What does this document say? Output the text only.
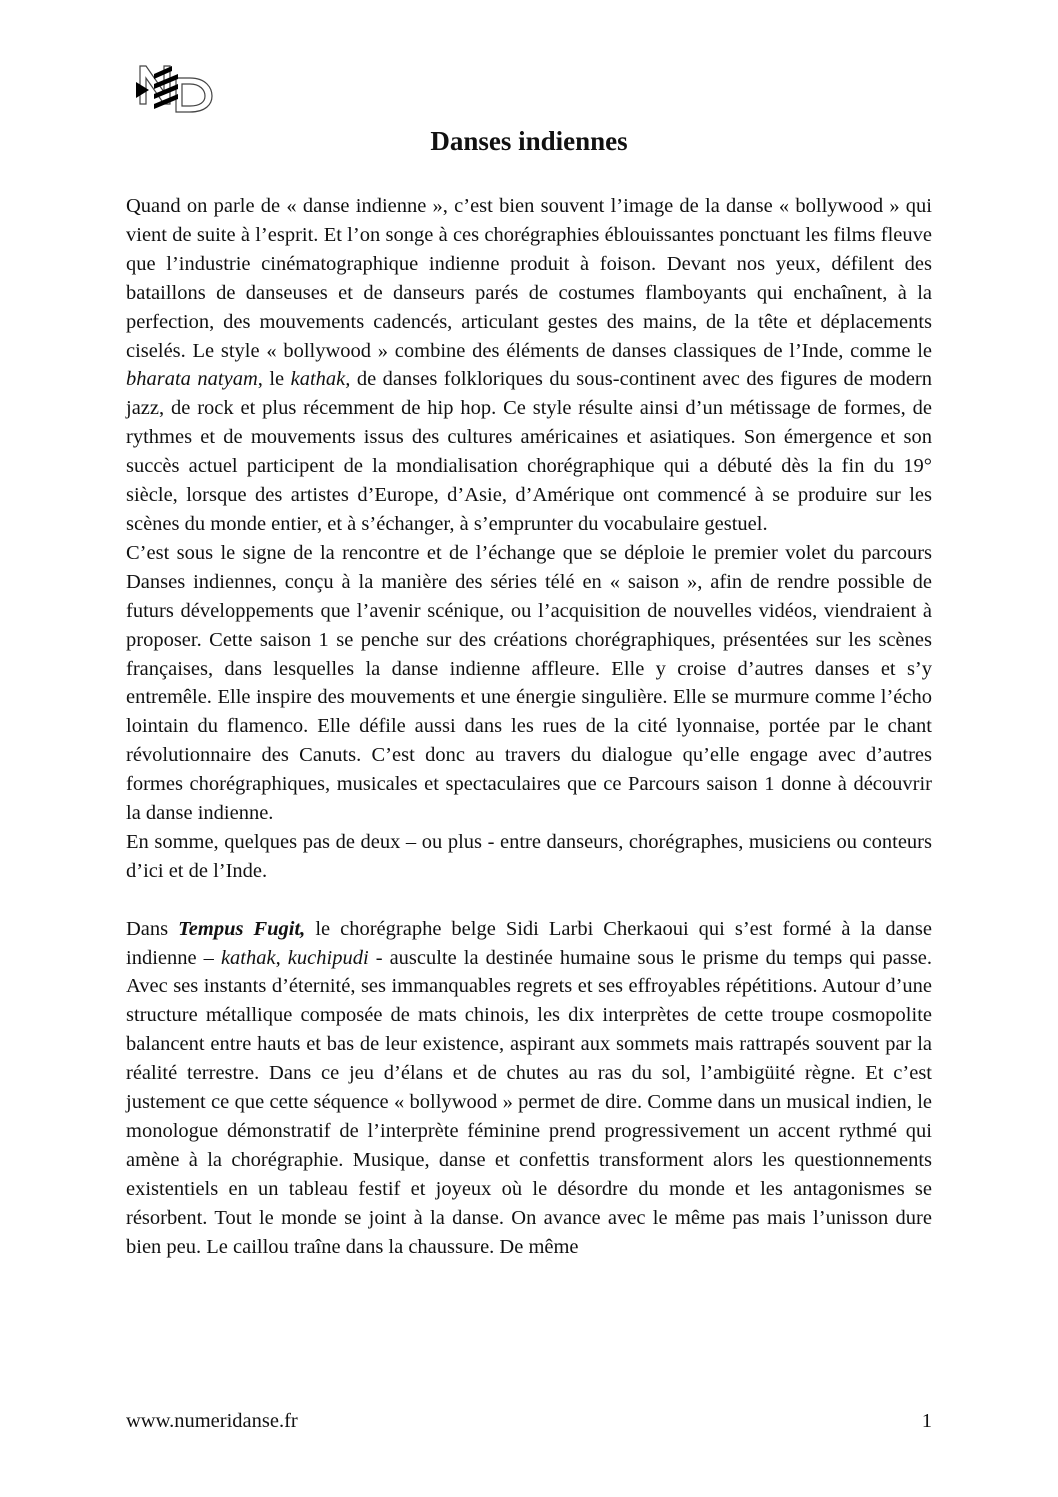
Danses indiennes

Quand on parle de « danse indienne », c’est bien souvent l’image de la danse « bollywood » qui vient de suite à l’esprit. Et l’on songe à ces chorégraphies éblouissantes ponctuant les films fleuve que l’industrie cinématographique indienne produit à foison. Devant nos yeux, défilent des bataillons de danseuses et de danseurs parés de costumes flamboyants qui enchaînent, à la perfection, des mouvements cadencés, articulant gestes des mains, de la tête et déplacements ciselés. Le style « bollywood » combine des éléments de danses classiques de l’Inde, comme le bharata natyam, le kathak, de danses folkloriques du sous-continent avec des figures de modern jazz, de rock et plus récemment de hip hop. Ce style résulte ainsi d’un métissage de formes, de rythmes et de mouvements issus des cultures américaines et asiatiques. Son émergence et son succès actuel participent de la mondialisation chorégraphique qui a débuté dès la fin du 19° siècle, lorsque des artistes d’Europe, d’Asie, d’Amérique ont commencé à se produire sur les scènes du monde entier, et à s’échanger, à s’emprunter du vocabulaire gestuel.

C’est sous le signe de la rencontre et de l’échange que se déploie le premier volet du parcours Danses indiennes, conçu à la manière des séries télé en « saison », afin de rendre possible de futurs développements que l’avenir scénique, ou l’acquisition de nouvelles vidéos, viendraient à proposer. Cette saison 1 se penche sur des créations chorégraphiques, présentées sur les scènes françaises, dans lesquelles la danse indienne affleure. Elle y croise d’autres danses et s’y entremêle. Elle inspire des mouvements et une énergie singulière. Elle se murmure comme l’écho lointain du flamenco. Elle défile aussi dans les rues de la cité lyonnaise, portée par le chant révolutionnaire des Canuts. C’est donc au travers du dialogue qu’elle engage avec d’autres formes chorégraphiques, musicales et spectaculaires que ce Parcours saison 1 donne à découvrir la danse indienne.

En somme, quelques pas de deux – ou plus - entre danseurs, chorégraphes, musiciens ou conteurs d’ici et de l’Inde.

Dans Tempus Fugit, le chorégraphe belge Sidi Larbi Cherkaoui qui s’est formé à la danse indienne – kathak, kuchipudi - ausculte la destinée humaine sous le prisme du temps qui passe. Avec ses instants d’éternité, ses immanquables regrets et ses effroyables répétitions. Autour d’une structure métallique composée de mats chinois, les dix interprètes de cette troupe cosmopolite balancent entre hauts et bas de leur existence, aspirant aux sommets mais rattrapés souvent par la réalité terrestre. Dans ce jeu d’élans et de chutes au ras du sol, l’ambigüité règne. Et c’est justement ce que cette séquence « bollywood » permet de dire. Comme dans un musical indien, le monologue démonstratif de l’interprète féminine prend progressivement un accent rythmé qui amène à la chorégraphie. Musique, danse et confettis transforment alors les questionnements existentiels en un tableau festif et joyeux où le désordre du monde et les antagonismes se résorbent. Tout le monde se joint à la danse. On avance avec le même pas mais l’unisson dure bien peu. Le caillou traîne dans la chaussure. De même

www.numeridanse.fr	1
